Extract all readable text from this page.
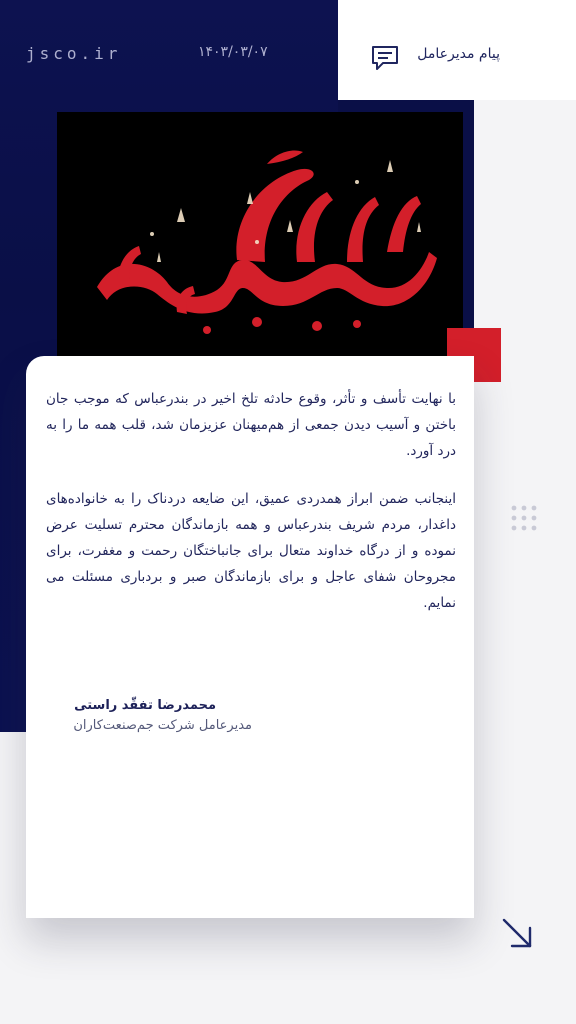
jsco.ir	۱۴۰۳/۰۳/۰۷	پیام مدیرعامل

با نهایت تأسف و تأثر، وقوع حادثه تلخ اخیر در بندرعباس که موجب جان باختن و آسیب دیدن جمعی از هم‌میهنان عزیزمان شد، قلب همه ما را به درد آورد.

اینجانب ضمن ابراز همدردی عمیق، این ضایعه دردناک را به خانواده‌های داغدار، مردم شریف بندرعباس و همه بازماندگان محترم تسلیت عرض نموده و از درگاه خداوند متعال برای جانباختگان رحمت و مغفرت، برای مجروحان شفای عاجل و برای بازماندگان صبر و بردباری مسئلت می نمایم.

محمدرضا تفقّد راستی
مدیرعامل شرکت جم‌صنعت‌کاران
